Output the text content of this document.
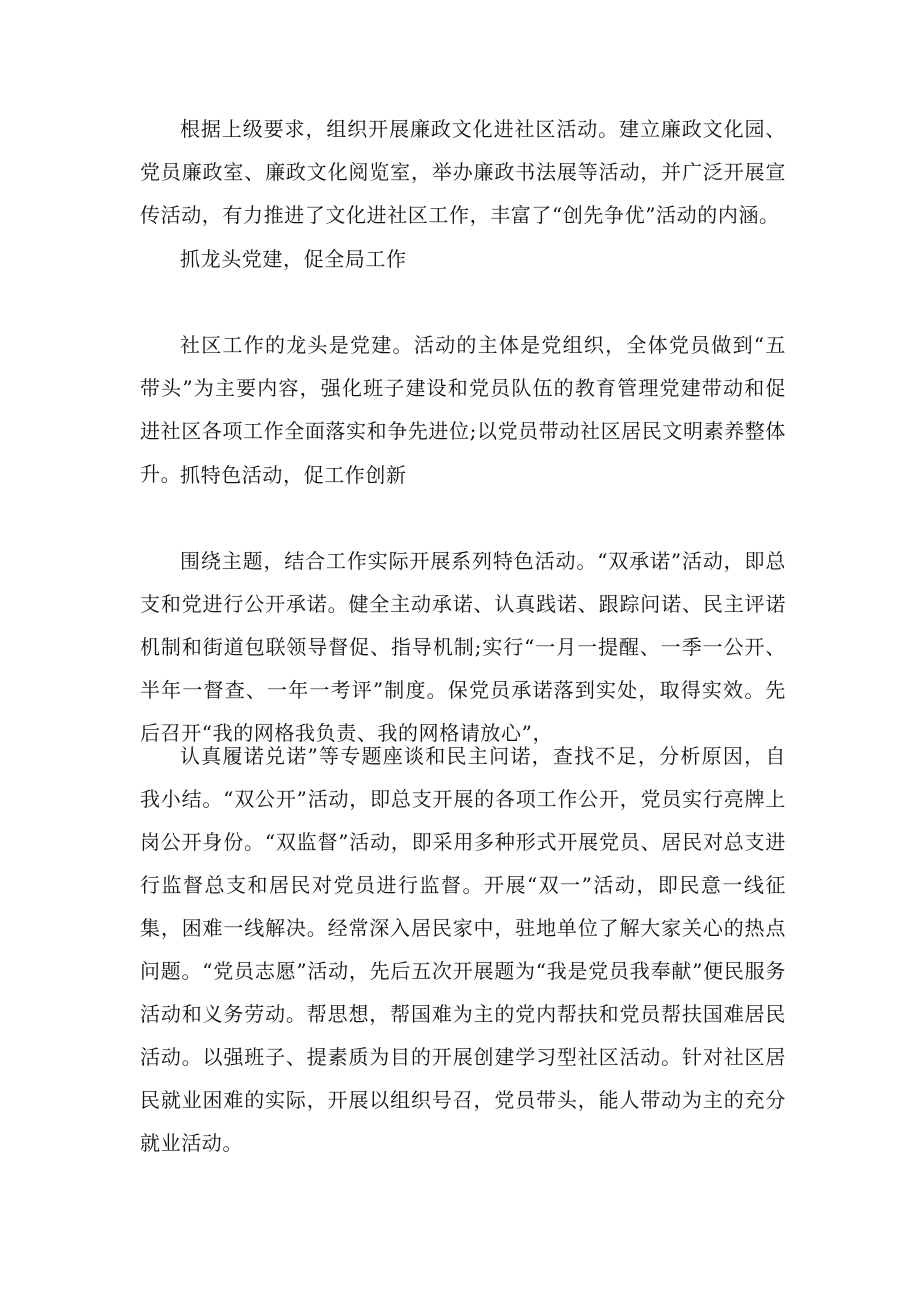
根据上级要求，组织开展廉政文化进社区活动。建立廉政文化园、党员廉政室、廉政文化阅览室，举办廉政书法展等活动，并广泛开展宣传活动，有力推进了文化进社区工作，丰富了“创先争优”活动的内涵。

抓龙头党建，促全局工作

社区工作的龙头是党建。活动的主体是党组织，全体党员做到“五带头”为主要内容，强化班子建设和党员队伍的教育管理党建带动和促进社区各项工作全面落实和争先进位;以党员带动社区居民文明素养整体升。

抓特色活动，促工作创新

围绕主题，结合工作实际开展系列特色活动。“双承诺”活动，即总支和党进行公开承诺。健全主动承诺、认真践诺、跟踪问诺、民主评诺机制和街道包联领导督促、指导机制;实行“一月一提醒、一季一公开、半年一督查、一年一考评”制度。保党员承诺落到实处，取得实效。先后召开“我的网格我负责、我的网格请放心”，

认真履诺兑诺”等专题座谈和民主问诺，查找不足，分析原因，自我小结。“双公开”活动，即总支开展的各项工作公开，党员实行亮牌上岗公开身份。“双监督”活动，即采用多种形式开展党员、居民对总支进行监督总支和居民对党员进行监督。开展“双一”活动，即民意一线征集，困难一线解决。经常深入居民家中，驻地单位了解大家关心的热点问题。“党员志愿”活动，先后五次开展题为“我是党员我奉献”便民服务活动和义务劳动。帮思想，帮国难为主的党内帮扶和党员帮扶国难居民活动。以强班子、提素质为目的开展创建学习型社区活动。针对社区居民就业困难的实际，开展以组织号召，党员带头，能人带动为主的充分就业活动。
